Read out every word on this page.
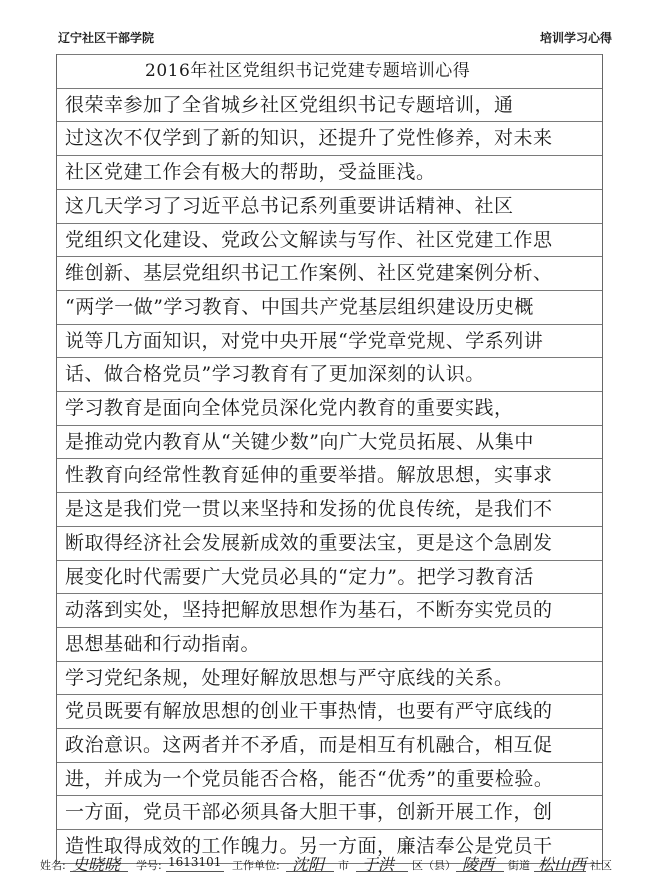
辽宁社区干部学院	培训学习心得
2016年社区党组织书记党建专题培训心得
很荣幸参加了全省城乡社区党组织书记专题培训，通
过这次不仅学到了新的知识，还提升了党性修养，对未来
社区党建工作会有极大的帮助，受益匪浅。
这几天学习了习近平总书记系列重要讲话精神、社区
党组织文化建设、党政公文解读与写作、社区党建工作思
维创新、基层党组织书记工作案例、社区党建案例分析、
“两学一做”学习教育、中国共产党基层组织建设历史概
说等几方面知识，对党中央开展“学党章党规、学系列讲
话、做合格党员”学习教育有了更加深刻的认识。
学习教育是面向全体党员深化党内教育的重要实践，
是推动党内教育从“关键少数”向广大党员拓展、从集中
性教育向经常性教育延伸的重要举措。解放思想，实事求
是这是我们党一贯以来坚持和发扬的优良传统，是我们不
断取得经济社会发展新成效的重要法宝，更是这个急剧发
展变化时代需要广大党员必具的“定力”。把学习教育活
动落到实处，坚持把解放思想作为基石，不断夯实党员的
思想基础和行动指南。
学习党纪条规，处理好解放思想与严守底线的关系。
党员既要有解放思想的创业干事热情，也要有严守底线的
政治意识。这两者并不矛盾，而是相互有机融合，相互促
进，并成为一个党员能否合格，能否“优秀”的重要检验。
一方面，党员干部必须具备大胆干事，创新开展工作，创
造性取得成效的工作魄力。另一方面，廉洁奉公是党员干
姓名: 史晓晓 学号: 1613101 工作单位: 沈阳 市 于洪 区（县） 陵西 街道 松山西 社区
